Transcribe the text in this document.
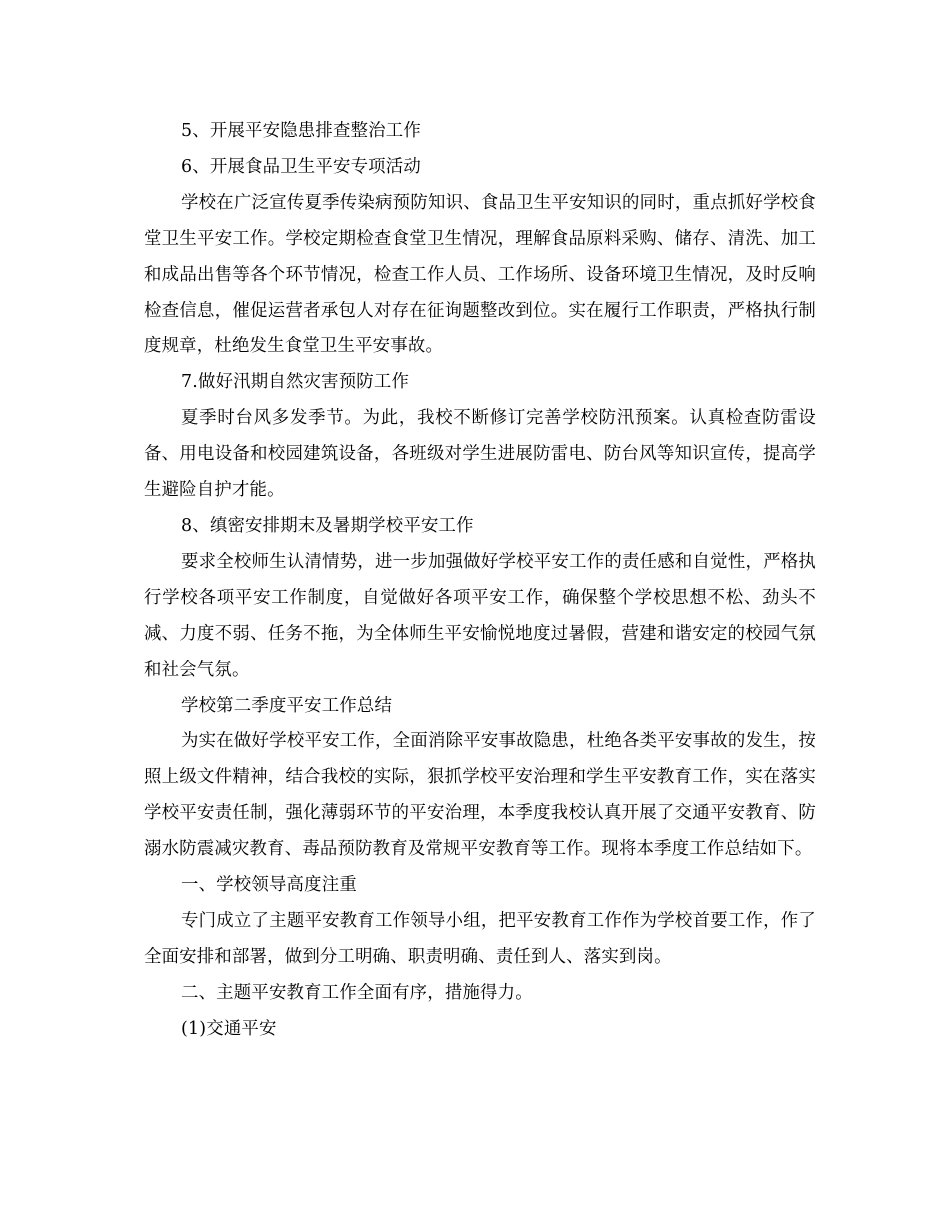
5、开展平安隐患排查整治工作

6、开展食品卫生平安专项活动

学校在广泛宣传夏季传染病预防知识、食品卫生平安知识的同时，重点抓好学校食堂卫生平安工作。学校定期检查食堂卫生情况，理解食品原料采购、储存、清洗、加工和成品出售等各个环节情况，检查工作人员、工作场所、设备环境卫生情况，及时反响检查信息，催促运营者承包人对存在征询题整改到位。实在履行工作职责，严格执行制度规章，杜绝发生食堂卫生平安事故。

7.做好汛期自然灾害预防工作

夏季时台风多发季节。为此，我校不断修订完善学校防汛预案。认真检查防雷设备、用电设备和校园建筑设备，各班级对学生进展防雷电、防台风等知识宣传，提高学生避险自护才能。

8、缜密安排期末及暑期学校平安工作

要求全校师生认清情势，进一步加强做好学校平安工作的责任感和自觉性，严格执行学校各项平安工作制度，自觉做好各项平安工作，确保整个学校思想不松、劲头不减、力度不弱、任务不拖，为全体师生平安愉悦地度过暑假，营建和谐安定的校园气氛和社会气氛。

学校第二季度平安工作总结

为实在做好学校平安工作，全面消除平安事故隐患，杜绝各类平安事故的发生，按照上级文件精神，结合我校的实际，狠抓学校平安治理和学生平安教育工作，实在落实学校平安责任制，强化薄弱环节的平安治理，本季度我校认真开展了交通平安教育、防溺水防震减灾教育、毒品预防教育及常规平安教育等工作。现将本季度工作总结如下。

一、学校领导高度注重

专门成立了主题平安教育工作领导小组，把平安教育工作作为学校首要工作，作了全面安排和部署，做到分工明确、职责明确、责任到人、落实到岗。

二、主题平安教育工作全面有序，措施得力。

(1)交通平安
